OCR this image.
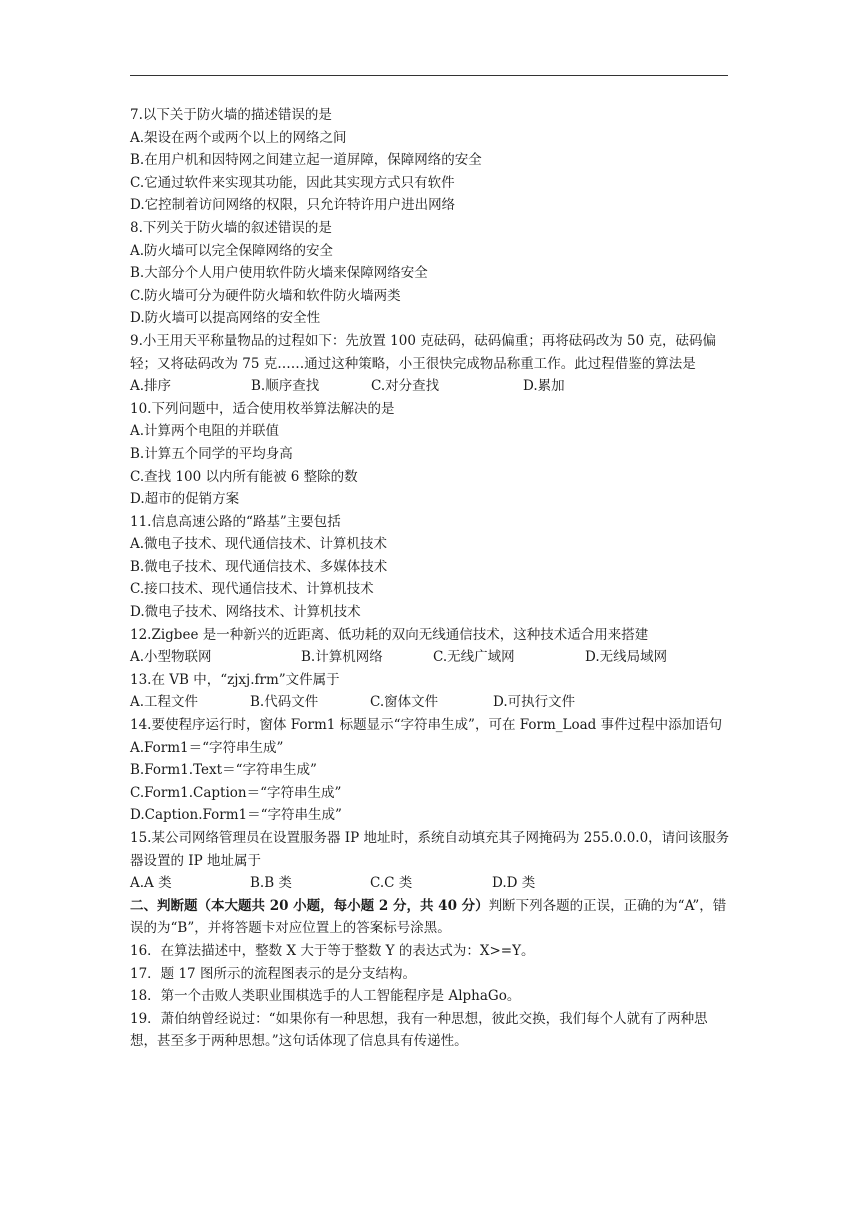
7.以下关于防火墙的描述错误的是
A.架设在两个或两个以上的网络之间
B.在用户机和因特网之间建立起一道屏障，保障网络的安全
C.它通过软件来实现其功能，因此其实现方式只有软件
D.它控制着访问网络的权限，只允许特许用户进出网络
8.下列关于防火墙的叙述错误的是
A.防火墙可以完全保障网络的安全
B.大部分个人用户使用软件防火墙来保障网络安全
C.防火墙可分为硬件防火墙和软件防火墙两类
D.防火墙可以提高网络的安全性
9.小王用天平称量物品的过程如下：先放置 100 克砝码，砝码偏重；再将砝码改为 50 克，砝码偏轻；又将砝码改为 75 克……通过这种策略，小王很快完成物品称重工作。此过程借鉴的算法是
A.排序	B.顺序查找	C.对分查找	D.累加
10.下列问题中，适合使用枚举算法解决的是
A.计算两个电阻的并联值
B.计算五个同学的平均身高
C.查找 100 以内所有能被 6 整除的数
D.超市的促销方案
11.信息高速公路的“路基”主要包括
A.微电子技术、现代通信技术、计算机技术
B.微电子技术、现代通信技术、多媒体技术
C.接口技术、现代通信技术、计算机技术
D.微电子技术、网络技术、计算机技术
12.Zigbee 是一种新兴的近距离、低功耗的双向无线通信技术，这种技术适合用来搭建
A.小型物联网	B.计算机网络	C.无线广域网	D.无线局域网
13.在 VB 中，“zjxj.frm”文件属于
A.工程文件	B.代码文件	C.窗体文件	D.可执行文件
14.要使程序运行时，窗体 Form1 标题显示“字符串生成”，可在 Form_Load 事件过程中添加语句
A.Form1＝“字符串生成”
B.Form1.Text＝“字符串生成”
C.Form1.Caption＝“字符串生成”
D.Caption.Form1＝“字符串生成”
15.某公司网络管理员在设置服务器 IP 地址时，系统自动填充其子网掩码为 255.0.0.0，请问该服务器设置的 IP 地址属于
A.A 类	B.B 类	C.C 类	D.D 类
二、判断题（本大题共 20 小题，每小题 2 分，共 40 分）判断下列各题的正误，正确的为“A”，错误的为“B”，并将答题卡对应位置上的答案标号涂黑。
16．在算法描述中，整数 X 大于等于整数 Y 的表达式为：X>=Y。
17．题 17 图所示的流程图表示的是分支结构。
18．第一个击败人类职业围棋选手的人工智能程序是 AlphaGo。
19．萧伯纳曾经说过：“如果你有一种思想，我有一种思想，彼此交换，我们每个人就有了两种思想，甚至多于两种思想。”这句话体现了信息具有传递性。
